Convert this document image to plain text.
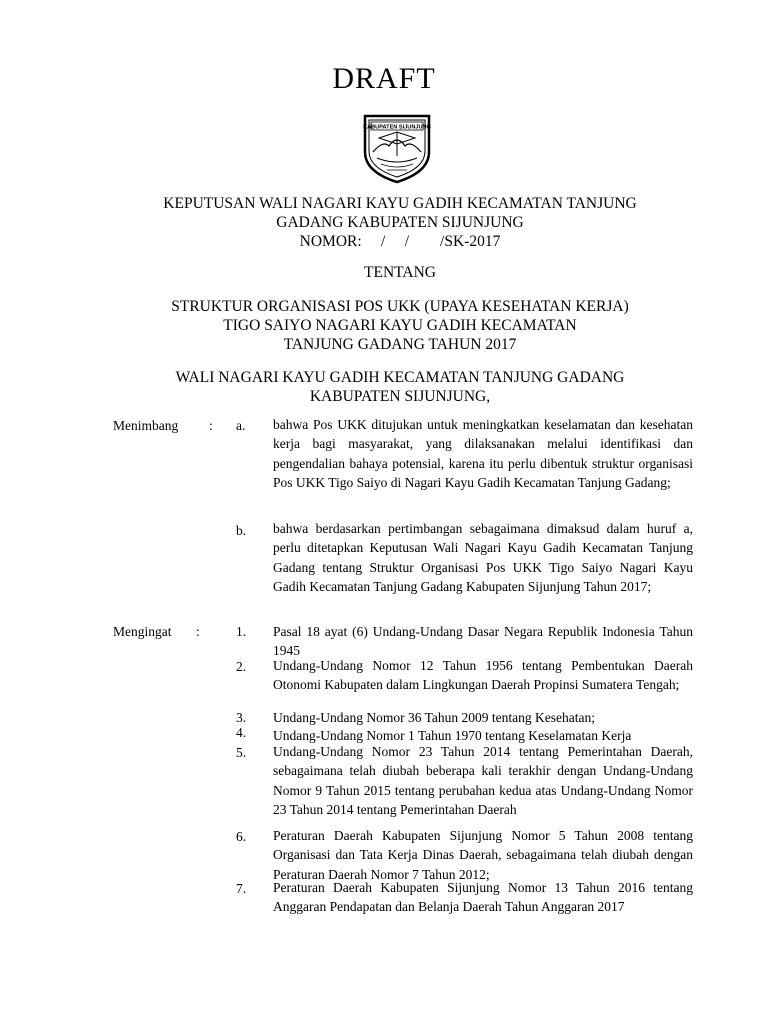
DRAFT
KABUPATEN SIJUNJUNG
KEPUTUSAN WALI NAGARI KAYU GADIH KECAMATAN TANJUNG
GADANG KABUPATEN SIJUNJUNG
NOMOR:     /     /        /SK-2017
TENTANG
STRUKTUR ORGANISASI POS UKK (UPAYA KESEHATAN KERJA)
TIGO SAIYO NAGARI KAYU GADIH KECAMATAN
TANJUNG GADANG TAHUN 2017
WALI NAGARI KAYU GADIH KECAMATAN TANJUNG GADANG
KABUPATEN SIJUNJUNG,
Menimbang : a. bahwa Pos UKK ditujukan untuk meningkatkan keselamatan dan kesehatan kerja bagi masyarakat, yang dilaksanakan melalui identifikasi dan pengendalian bahaya potensial, karena itu perlu dibentuk struktur organisasi Pos UKK Tigo Saiyo di Nagari Kayu Gadih Kecamatan Tanjung Gadang;
b. bahwa berdasarkan pertimbangan sebagaimana dimaksud dalam huruf a, perlu ditetapkan Keputusan Wali Nagari Kayu Gadih Kecamatan Tanjung Gadang tentang Struktur Organisasi Pos UKK Tigo Saiyo Nagari Kayu Gadih Kecamatan Tanjung Gadang Kabupaten Sijunjung Tahun 2017;
Mengingat :	1. Pasal 18 ayat (6) Undang-Undang Dasar Negara Republik Indonesia Tahun 1945
2. Undang-Undang Nomor 12 Tahun 1956 tentang Pembentukan Daerah Otonomi Kabupaten dalam Lingkungan Daerah Propinsi Sumatera Tengah;
3. Undang-Undang Nomor 36 Tahun 2009 tentang Kesehatan;
4. Undang-Undang Nomor 1 Tahun 1970 tentang Keselamatan Kerja
5. Undang-Undang Nomor 23 Tahun 2014 tentang Pemerintahan Daerah, sebagaimana telah diubah beberapa kali terakhir dengan Undang-Undang Nomor 9 Tahun 2015 tentang perubahan kedua atas Undang-Undang Nomor 23 Tahun 2014 tentang Pemerintahan Daerah
6. Peraturan Daerah Kabupaten Sijunjung Nomor 5 Tahun 2008 tentang Organisasi dan Tata Kerja Dinas Daerah, sebagaimana telah diubah dengan Peraturan Daerah Nomor 7 Tahun 2012;
7. Peraturan Daerah Kabupaten Sijunjung Nomor 13 Tahun 2016 tentang Anggaran Pendapatan dan Belanja Daerah Tahun Anggaran 2017
